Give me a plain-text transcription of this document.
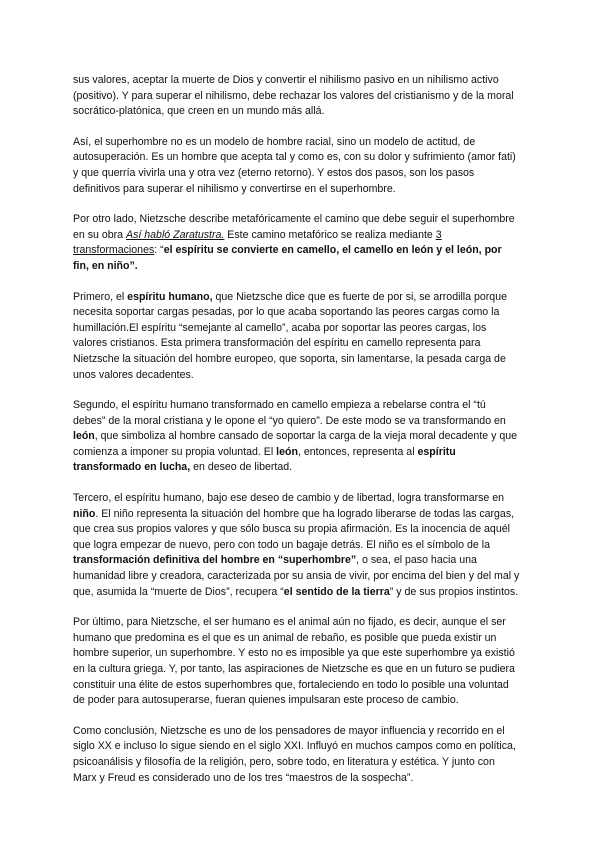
sus valores, aceptar la muerte de Dios y convertir el nihilismo pasivo en un nihilismo activo (positivo). Y para superar el nihilismo, debe rechazar los valores del cristianismo y de la moral socrático-platónica, que creen en un mundo más allá.

Así, el superhombre no es un modelo de hombre racial, sino un modelo de actitud, de autosuperación. Es un hombre que acepta tal y como es, con su dolor y sufrimiento (amor fati) y que querría vivirla una y otra vez (eterno retorno). Y estos dos pasos, son los pasos definitivos para superar el nihilismo y convertirse en el superhombre.

Por otro lado, Nietzsche describe metafóricamente el camino que debe seguir el superhombre en su obra Así habló Zaratustra. Este camino metafórico se realiza mediante 3 transformaciones: “el espíritu se convierte en camello, el camello en león y el león, por fin, en niño”.

Primero, el espíritu humano, que Nietzsche dice que es fuerte de por si, se arrodilla porque necesita soportar cargas pesadas, por lo que acaba soportando las peores cargas como la humillación.El espíritu “semejante al camello”, acaba por soportar las peores cargas, los valores cristianos. Esta primera transformación del espíritu en camello representa para Nietzsche la situación del hombre europeo, que soporta, sin lamentarse, la pesada carga de unos valores decadentes.

Segundo, el espíritu humano transformado en camello empieza a rebelarse contra el “tú debes” de la moral cristiana y le opone el “yo quiero”. De este modo se va transformando en león, que simboliza al hombre cansado de soportar la carga de la vieja moral decadente y que comienza a imponer su propia voluntad. El león, entonces, representa al espíritu transformado en lucha, en deseo de libertad.

Tercero, el espíritu humano, bajo ese deseo de cambio y de libertad, logra transformarse en niño. El niño representa la situación del hombre que ha logrado liberarse de todas las cargas, que crea sus propios valores y que sólo busca su propia afirmación. Es la inocencia de aquél que logra empezar de nuevo, pero con todo un bagaje detrás. El niño es el símbolo de la transformación definitiva del hombre en “superhombre”, o sea, el paso hacia una humanidad libre y creadora, caracterizada por su ansia de vivir, por encima del bien y del mal y que, asumida la “muerte de Dios”, recupera “el sentido de la tierra” y de sus propios instintos.

Por último, para Nietzsche, el ser humano es el animal aún no fijado, es decir, aunque el ser humano que predomina es el que es un animal de rebaño, es posible que pueda existir un hombre superior, un superhombre. Y esto no es imposible ya que este superhombre ya existió en la cultura griega. Y, por tanto, las aspiraciones de Nietzsche es que en un futuro se pudiera constituir una élite de estos superhombres que, fortaleciendo en todo lo posible una voluntad de poder para autosuperarse, fueran quienes impulsaran este proceso de cambio.

Como conclusión, Nietzsche es uno de los pensadores de mayor influencia y recorrido en el siglo XX e incluso lo sigue siendo en el siglo XXI. Influyó en muchos campos como en política, psicoanálisis y filosofía de la religión, pero, sobre todo, en literatura y estética. Y junto con Marx y Freud es considerado uno de los tres “maestros de la sospecha”.
